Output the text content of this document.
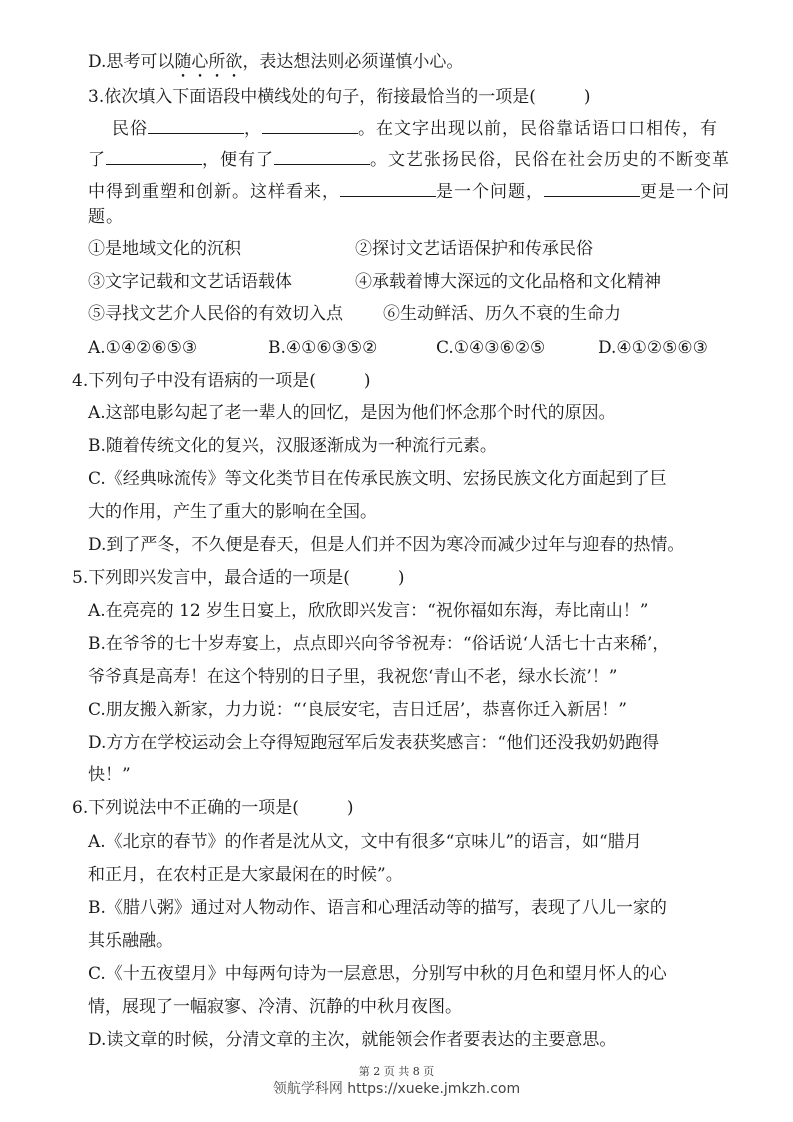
D.思考可以随心所欲，表达想法则必须谨慎小心。
3.依次填入下面语段中横线处的句子，衔接最恰当的一项是(	)
民俗	，	。在文字出现以前，民俗靠话语口口相传，有
了	，便有了	。文艺张扬民俗，民俗在社会历史的不断变革
中得到重塑和创新。这样看来，	是一个问题，	更是一个问
题。
①是地域文化的沉积	②探讨文艺话语保护和传承民俗
③文字记载和文艺话语载体	④承载着博大深远的文化品格和文化精神
⑤寻找文艺介人民俗的有效切入点 ⑥生动鲜活、历久不衰的生命力
A.①④②⑥⑤③	B.④①⑥③⑤②	C.①④③⑥②⑤	D.④①②⑤⑥③
4.下列句子中没有语病的一项是(	)
A.这部电影勾起了老一辈人的回忆，是因为他们怀念那个时代的原因。
B.随着传统文化的复兴，汉服逐渐成为一种流行元素。
C.《经典咏流传》等文化类节目在传承民族文明、宏扬民族文化方面起到了巨
大的作用，产生了重大的影响在全国。
D.到了严冬，不久便是春天，但是人们并不因为寒冷而减少过年与迎春的热情。
5.下列即兴发言中，最合适的一项是(	)
A.在亮亮的 12 岁生日宴上，欣欣即兴发言：“祝你福如东海，寿比南山！”
B.在爷爷的七十岁寿宴上，点点即兴向爷爷祝寿：“俗话说‘人活七十古来稀’，
爷爷真是高寿！在这个特别的日子里，我祝您‘青山不老，绿水长流’！”
C.朋友搬入新家，力力说：“‘良辰安宅，吉日迁居’，恭喜你迁入新居！”
D.方方在学校运动会上夺得短跑冠军后发表获奖感言：“他们还没我奶奶跑得
快！”
6.下列说法中不正确的一项是(	)
A.《北京的春节》的作者是沈从文，文中有很多“京味儿”的语言，如“腊月
和正月，在农村正是大家最闲在的时候”。
B.《腊八粥》通过对人物动作、语言和心理活动等的描写，表现了八儿一家的
其乐融融。
C.《十五夜望月》中每两句诗为一层意思，分别写中秋的月色和望月怀人的心
情，展现了一幅寂寥、冷清、沉静的中秋月夜图。
D.读文章的时候，分清文章的主次，就能领会作者要表达的主要意思。
第 2 页 共 8 页
领航学科网 https://xueke.jmkzh.com
